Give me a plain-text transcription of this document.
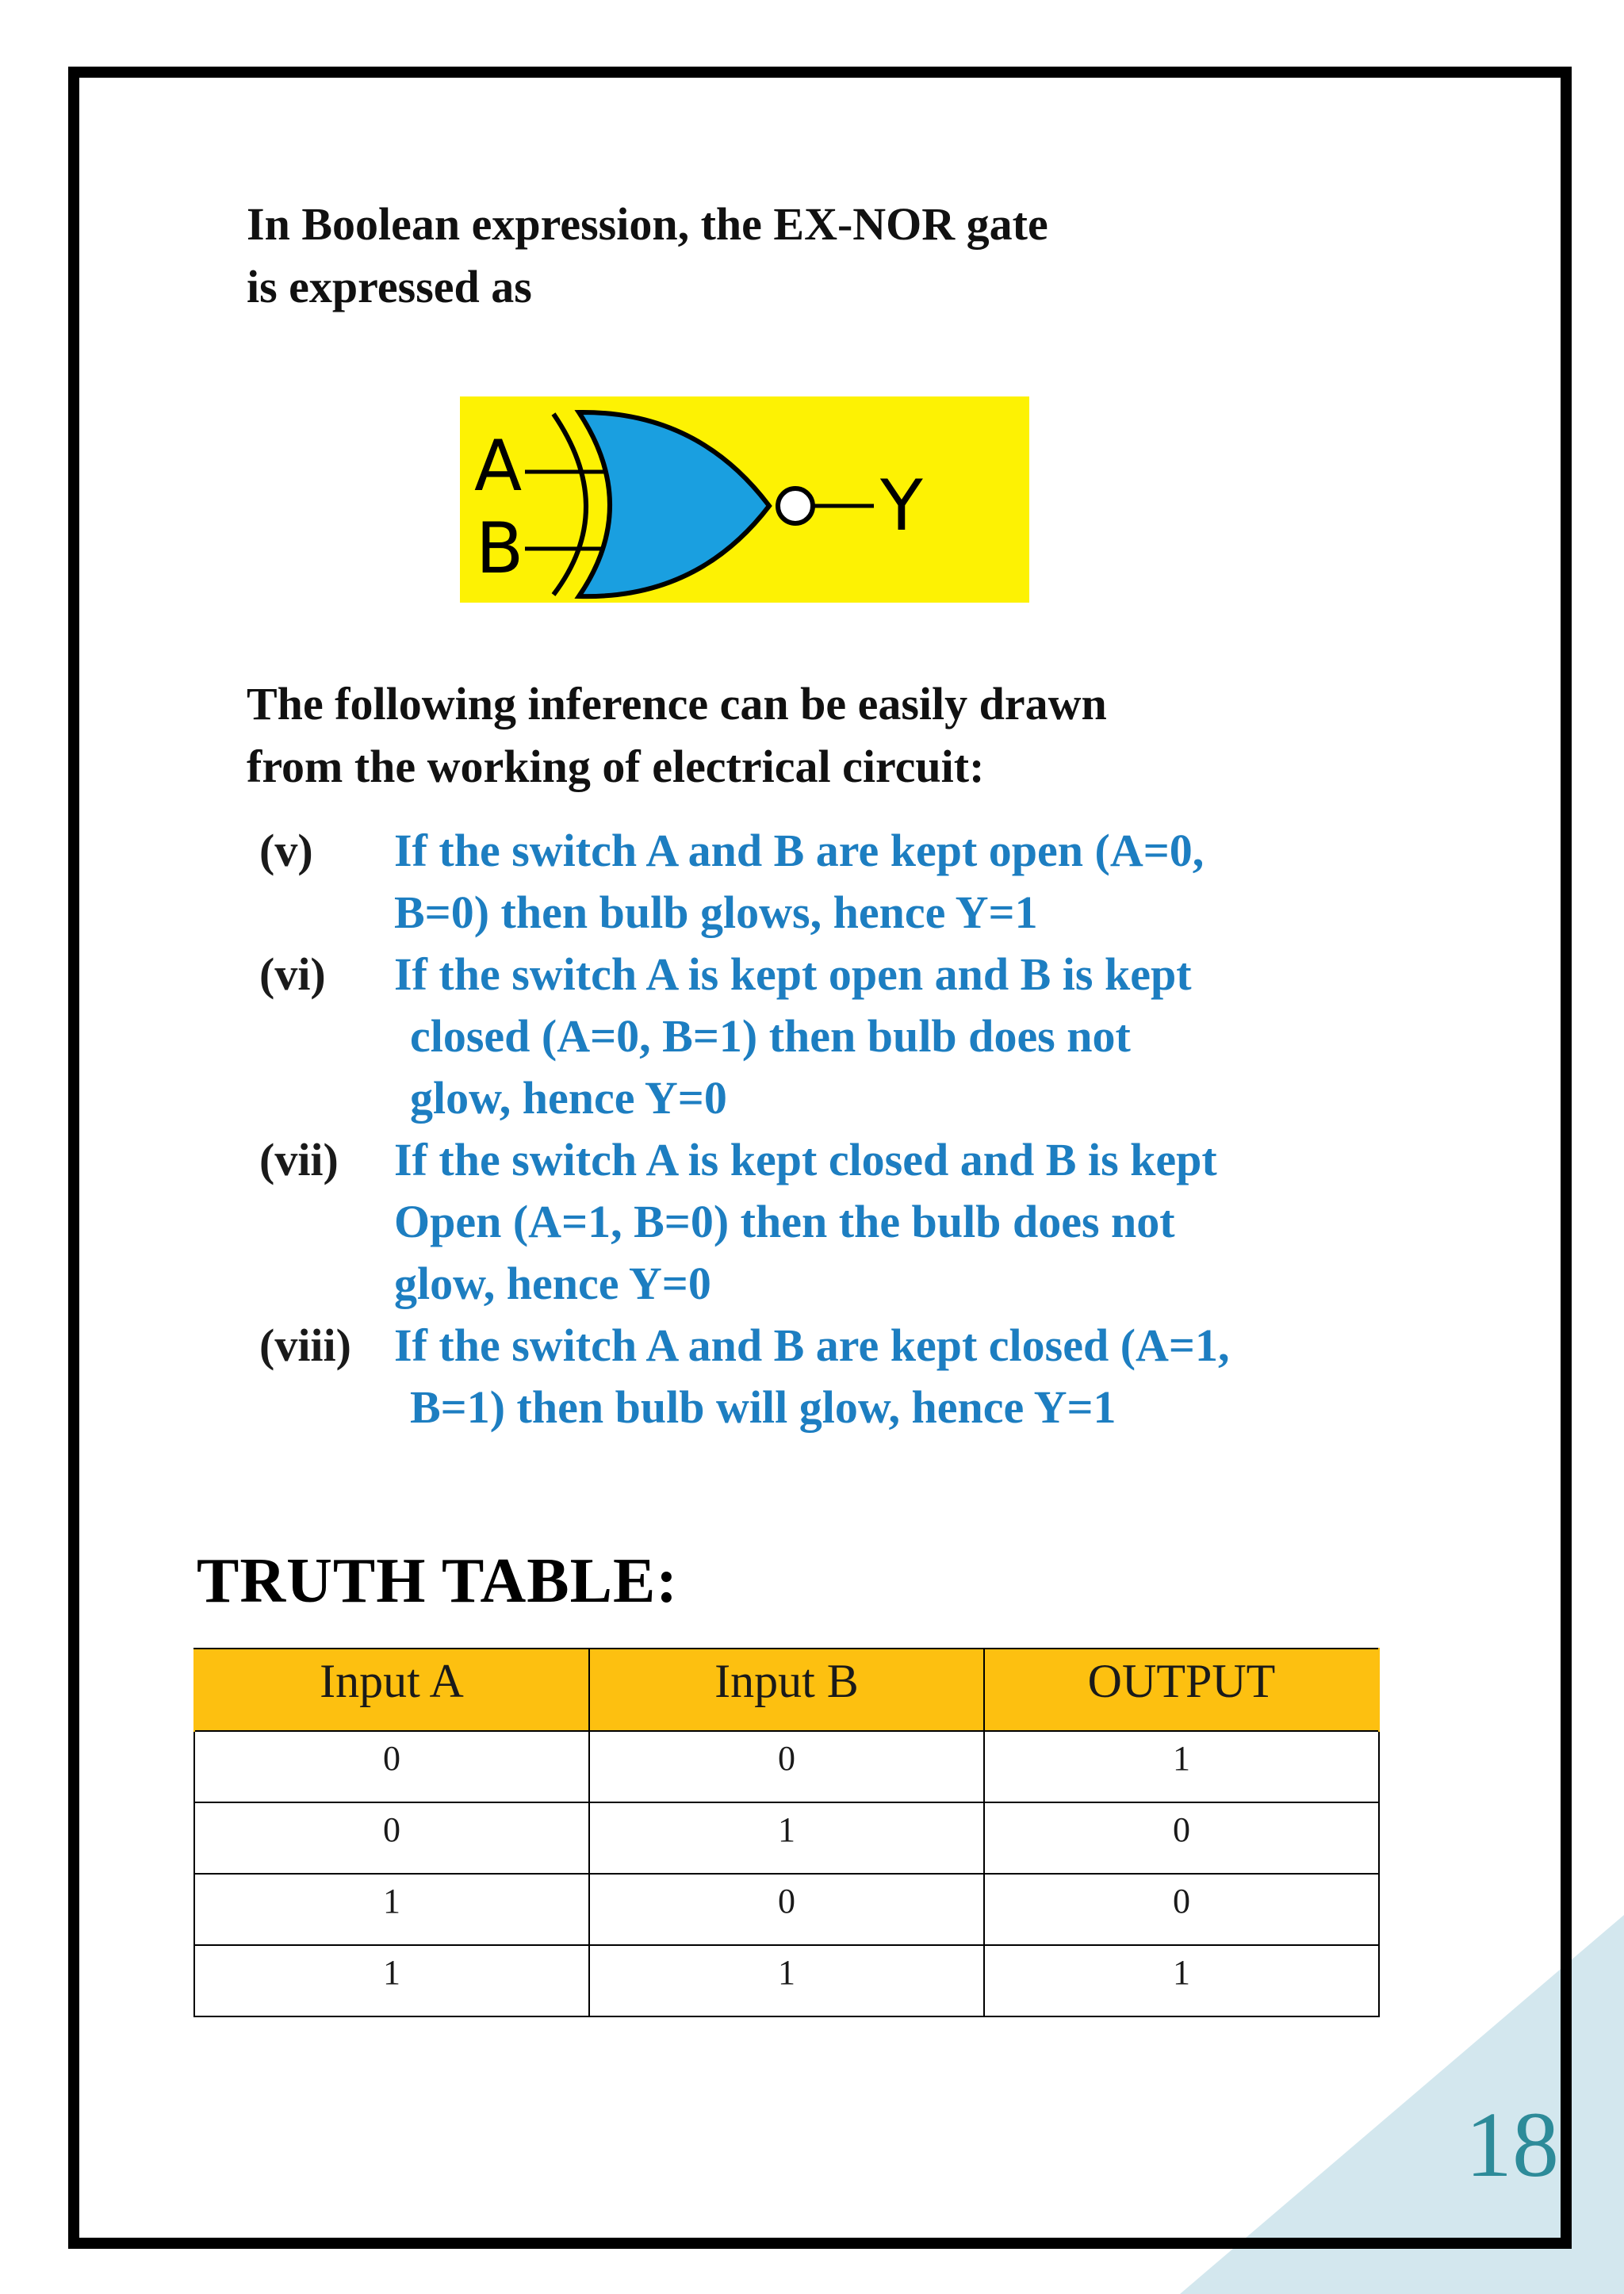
In Boolean expression, the EX-NOR gate
is expressed as

A
B
Y

The following inference can be easily drawn
from the working of electrical circuit:

(v) If the switch A and B are kept open (A=0,
B=0) then bulb glows, hence Y=1
(vi) If the switch A is kept open and B is kept
closed (A=0, B=1) then bulb does not
glow, hence Y=0
(vii) If the switch A is kept closed and B is kept
Open (A=1, B=0) then the bulb does not
glow, hence Y=0
(viii) If the switch A and B are kept closed (A=1,
B=1) then bulb will glow, hence Y=1
TRUTH TABLE:
Input A	Input B	OUTPUT
0	0	1
0	1	0
1	0	0
1	1	1

18
